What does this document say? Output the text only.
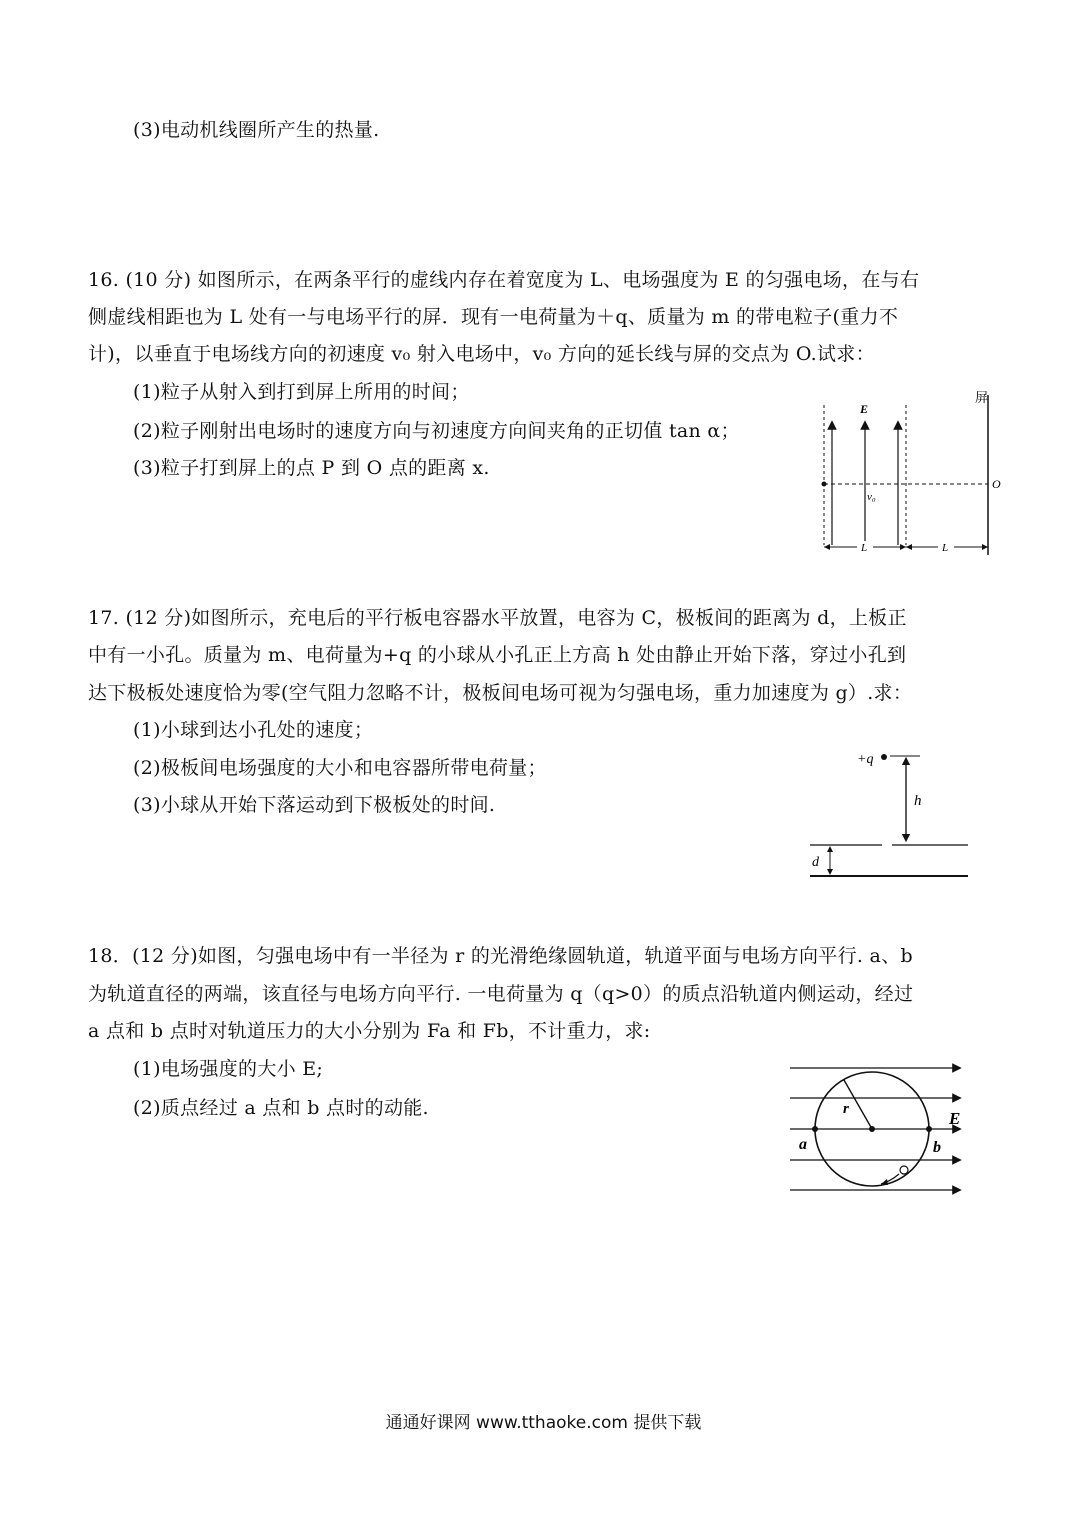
(3)电动机线圈所产生的热量.
16. (10 分) 如图所示，在两条平行的虚线内存在着宽度为 L、电场强度为 E 的匀强电场，在与右
侧虚线相距也为 L 处有一与电场平行的屏．现有一电荷量为＋q、质量为 m 的带电粒子(重力不
计)，以垂直于电场线方向的初速度 v₀ 射入电场中，v₀ 方向的延长线与屏的交点为 O.试求：
(1)粒子从射入到打到屏上所用的时间；
(2)粒子刚射出电场时的速度方向与初速度方向间夹角的正切值 tan α；
(3)粒子打到屏上的点 P 到 O 点的距离 x.
屏
E
v₀
O
L	L
17. (12 分)如图所示，充电后的平行板电容器水平放置，电容为 C，极板间的距离为 d，上板正
中有一小孔。质量为 m、电荷量为+q 的小球从小孔正上方高 h 处由静止开始下落，穿过小孔到
达下极板处速度恰为零(空气阻力忽略不计，极板间电场可视为匀强电场，重力加速度为 g）.求：
(1)小球到达小孔处的速度；
(2)极板间电场强度的大小和电容器所带电荷量；
(3)小球从开始下落运动到下极板处的时间.
+q
h
d
18．(12 分)如图，匀强电场中有一半径为 r 的光滑绝缘圆轨道，轨道平面与电场方向平行. a、b
为轨道直径的两端，该直径与电场方向平行. 一电荷量为 q（q>0）的质点沿轨道内侧运动，经过
a 点和 b 点时对轨道压力的大小分别为 Fa 和 Fb，不计重力，求:
(1)电场强度的大小 E;
(2)质点经过 a 点和 b 点时的动能.	r	E
a	b
通通好课网 www.tthaoke.com 提供下载
